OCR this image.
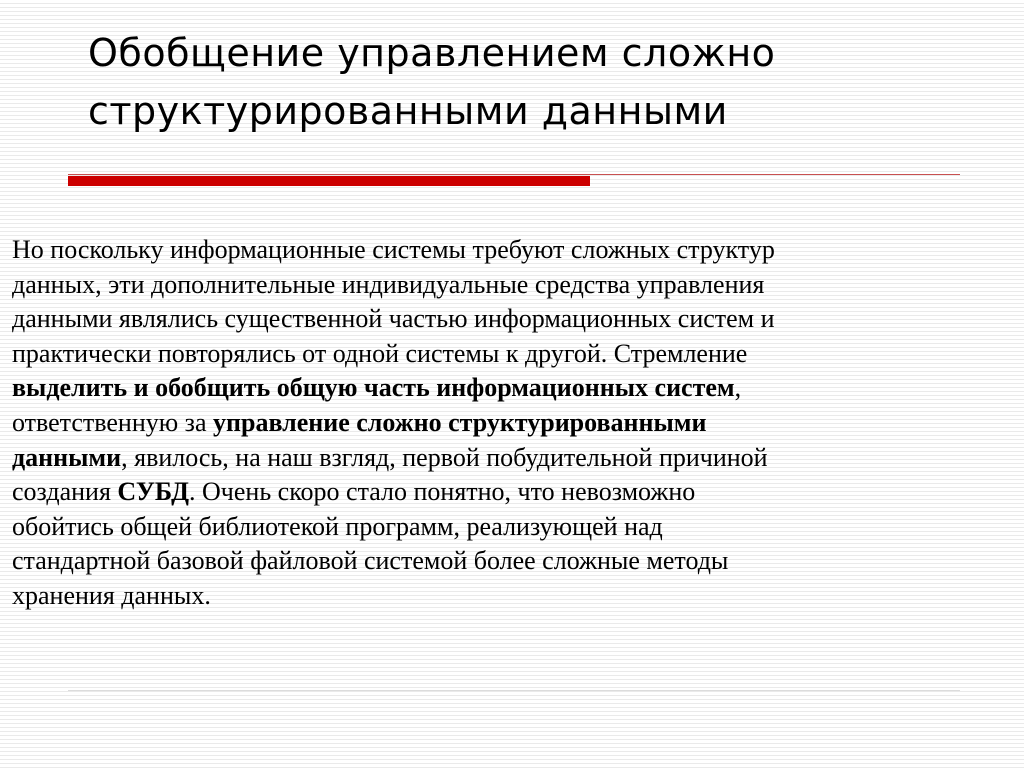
Обобщение управлением сложно
структурированными данными

Но поскольку информационные системы требуют сложных структур
данных, эти дополнительные индивидуальные средства управления
данными являлись существенной частью информационных систем и
практически повторялись от одной системы к другой. Стремление
выделить и обобщить общую часть информационных систем,
ответственную за управление сложно структурированными
данными, явилось, на наш взгляд, первой побудительной причиной
создания СУБД. Очень скоро стало понятно, что невозможно
обойтись общей библиотекой программ, реализующей над
стандартной базовой файловой системой более сложные методы
хранения данных.
